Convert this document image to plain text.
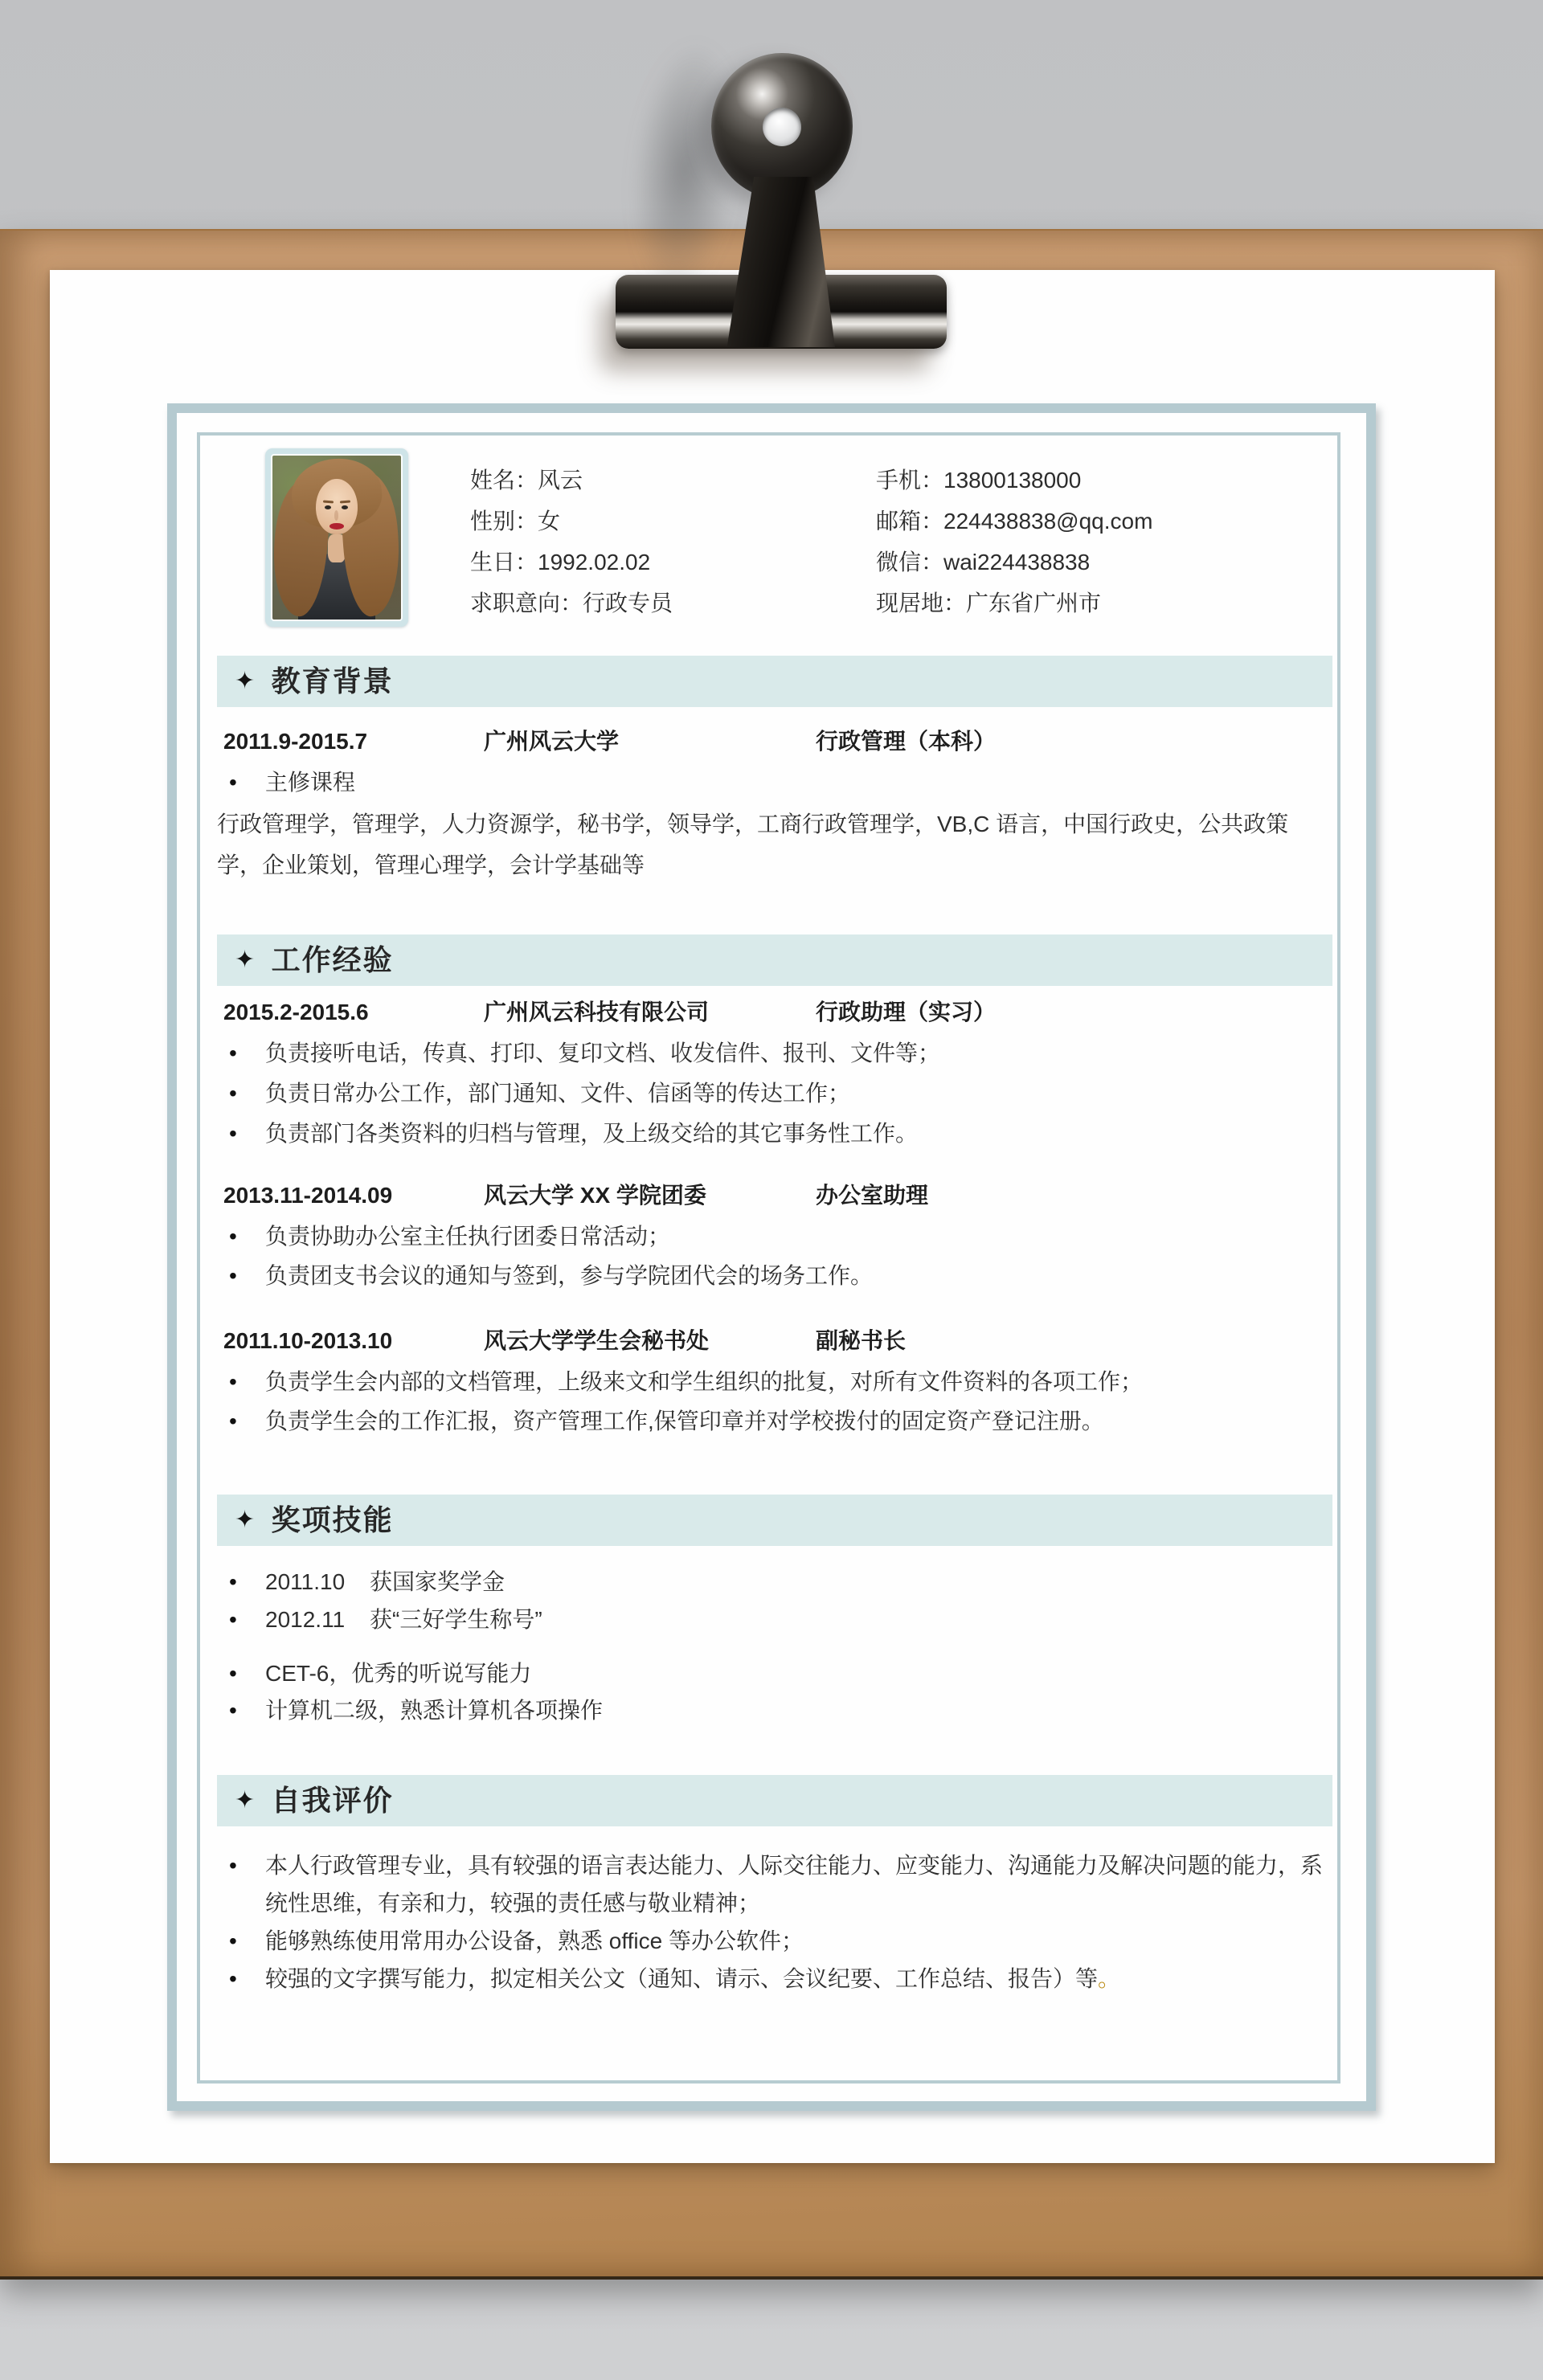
姓名：风云
性别：女
生日：1992.02.02
求职意向：行政专员
手机：13800138000
邮箱：224438838@qq.com
微信：wai224438838
现居地：广东省广州市
✦ 教育背景
2011.9-2015.7	广州风云大学	行政管理（本科）
• 主修课程
行政管理学，管理学，人力资源学，秘书学，领导学，工商行政管理学，VB,C 语言，中国行政史，公共政策学，企业策划，管理心理学，会计学基础等
✦ 工作经验
2015.2-2015.6	广州风云科技有限公司	行政助理（实习）
• 负责接听电话，传真、打印、复印文档、收发信件、报刊、文件等；
• 负责日常办公工作，部门通知、文件、信函等的传达工作；
• 负责部门各类资料的归档与管理，及上级交给的其它事务性工作。
2013.11-2014.09	风云大学 XX 学院团委	办公室助理
• 负责协助办公室主任执行团委日常活动；
• 负责团支书会议的通知与签到，参与学院团代会的场务工作。
2011.10-2013.10	风云大学学生会秘书处	副秘书长
• 负责学生会内部的文档管理，上级来文和学生组织的批复，对所有文件资料的各项工作；
• 负责学生会的工作汇报，资产管理工作,保管印章并对学校拨付的固定资产登记注册。
✦ 奖项技能
• 2011.10 获国家奖学金
• 2012.11 获“三好学生称号”
• CET-6，优秀的听说写能力
• 计算机二级，熟悉计算机各项操作
✦ 自我评价
• 本人行政管理专业，具有较强的语言表达能力、人际交往能力、应变能力、沟通能力及解决问题的能力，系统性思维，有亲和力，较强的责任感与敬业精神；
• 能够熟练使用常用办公设备，熟悉 office 等办公软件；
• 较强的文字撰写能力，拟定相关公文（通知、请示、会议纪要、工作总结、报告）等。
